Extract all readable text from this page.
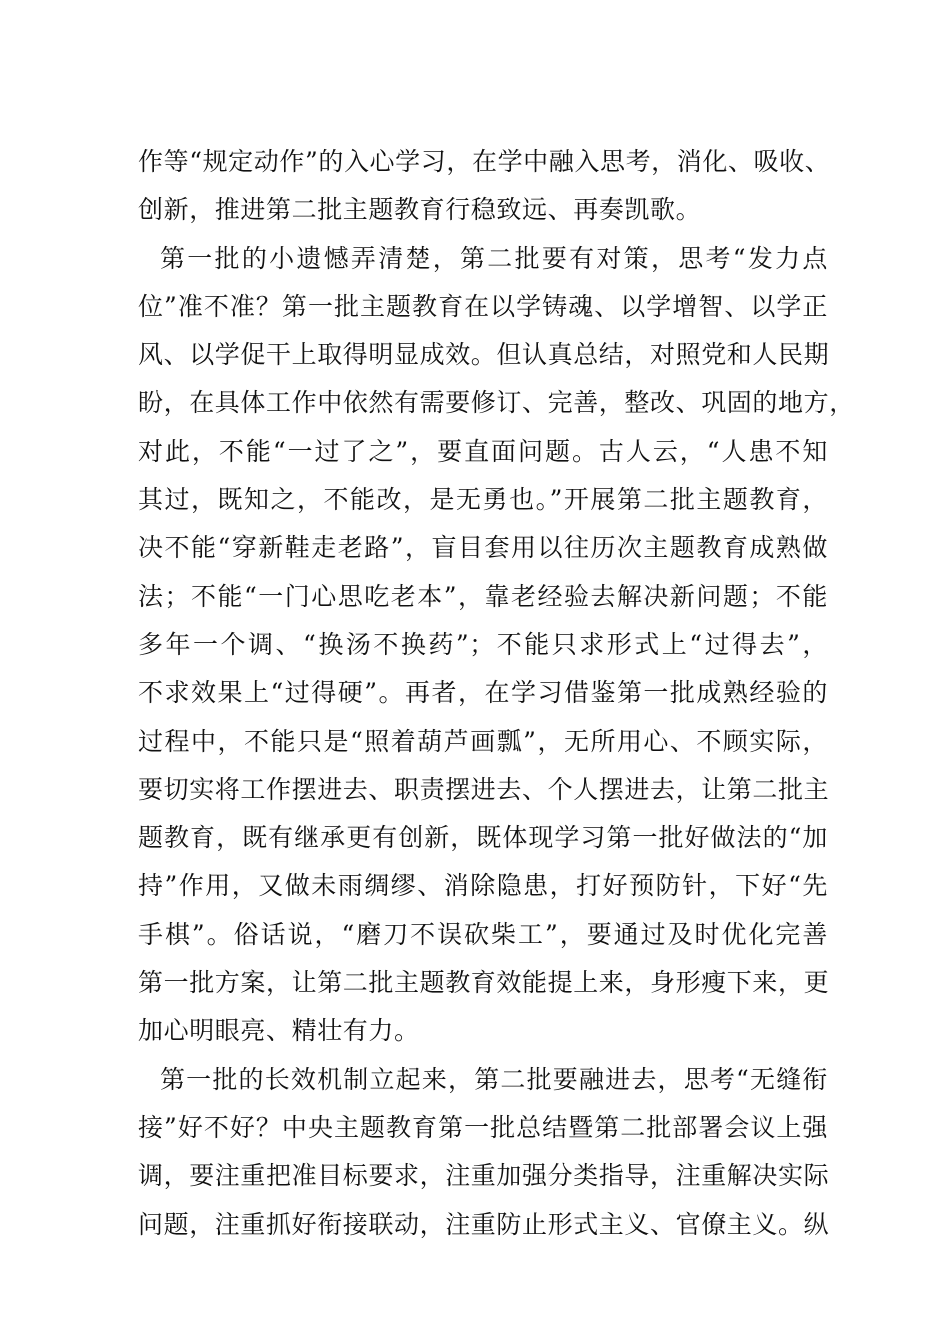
作等“规定动作”的入心学习，在学中融入思考，消化、吸收、
创新，推进第二批主题教育行稳致远、再奏凯歌。
第一批的小遗憾弄清楚，第二批要有对策，思考“发力点
位”准不准？第一批主题教育在以学铸魂、以学增智、以学正
风、以学促干上取得明显成效。但认真总结，对照党和人民期
盼，在具体工作中依然有需要修订、完善，整改、巩固的地方，
对此，不能“一过了之”，要直面问题。古人云，“人患不知
其过，既知之，不能改，是无勇也。”开展第二批主题教育，
决不能“穿新鞋走老路”，盲目套用以往历次主题教育成熟做
法；不能“一门心思吃老本”，靠老经验去解决新问题；不能
多年一个调、“换汤不换药”；不能只求形式上“过得去”，
不求效果上“过得硬”。再者，在学习借鉴第一批成熟经验的
过程中，不能只是“照着葫芦画瓢”，无所用心、不顾实际，
要切实将工作摆进去、职责摆进去、个人摆进去，让第二批主
题教育，既有继承更有创新，既体现学习第一批好做法的“加
持”作用，又做未雨绸缪、消除隐患，打好预防针，下好“先
手棋”。俗话说，“磨刀不误砍柴工”，要通过及时优化完善
第一批方案，让第二批主题教育效能提上来，身形瘦下来，更
加心明眼亮、精壮有力。
第一批的长效机制立起来，第二批要融进去，思考“无缝衔
接”好不好？中央主题教育第一批总结暨第二批部署会议上强
调，要注重把准目标要求，注重加强分类指导，注重解决实际
问题，注重抓好衔接联动，注重防止形式主义、官僚主义。纵
